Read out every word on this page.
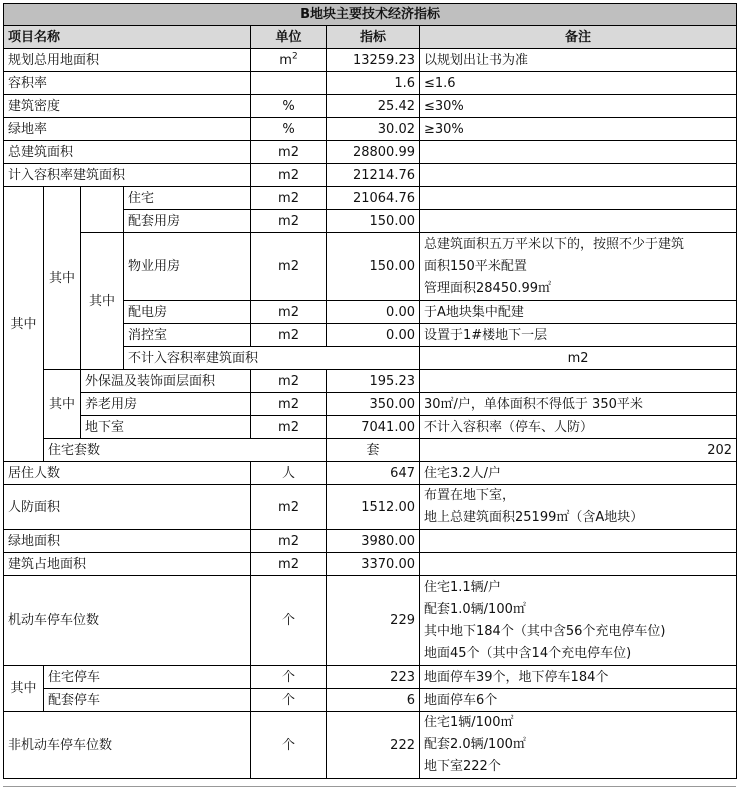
B地块主要技术经济指标							
项目名称				单位	指标	备注	
规划总用地面积				$m^2$	13259.23	以规划出让书为准	
容积率					1.6	≤1.6	
建筑密度				%	25.42	≤30%	
绿地率				%	30.02	≥30%	
总建筑面积				m2	28800.99		
计入容积率建筑面积				m2	21214.76		
其中	其中		住宅	m2	21064.76		
			配套用房	m2	150.00		
		其中	物业用房	m2	150.00	总建筑面积五万平米以下的，按照不少于建筑
面积150平米配置
管理面积28450.99㎡	

			配电房	m2	0.00	于A地块集中配建	
			消控室	m2	0.00	设置于1#楼地下一层	
			不计入容积率建筑面积			m2		
	其中	外保温及装饰面层面积		m2	195.23		
		养老用房		m2	350.00	30㎡/户，单体面积不得低于 350平米	
		地下室		m2	7041.00	不计入容积率（停车、人防）	
	住宅套数				套	202	
居住人数				人	647	住宅3.2人/户	
人防面积				m2	1512.00	布置在地下室，
地上总建筑面积25199㎡（含A地块）	

绿地面积				m2	3980.00		
建筑占地面积				m2	3370.00		
机动车停车位数				个	229	住宅1.1辆/户
配套1.0辆/100㎡
其中地下184个（其中含56个充电停车位)
地面45个（其中含14个充电停车位)	

其中	住宅停车			个	223	地面停车39个，地下停车184个	
	配套停车			个	6	地面停车6个	
非机动车停车位数				个	222	住宅1辆/100㎡
配套2.0辆/100㎡
地下室222个	
